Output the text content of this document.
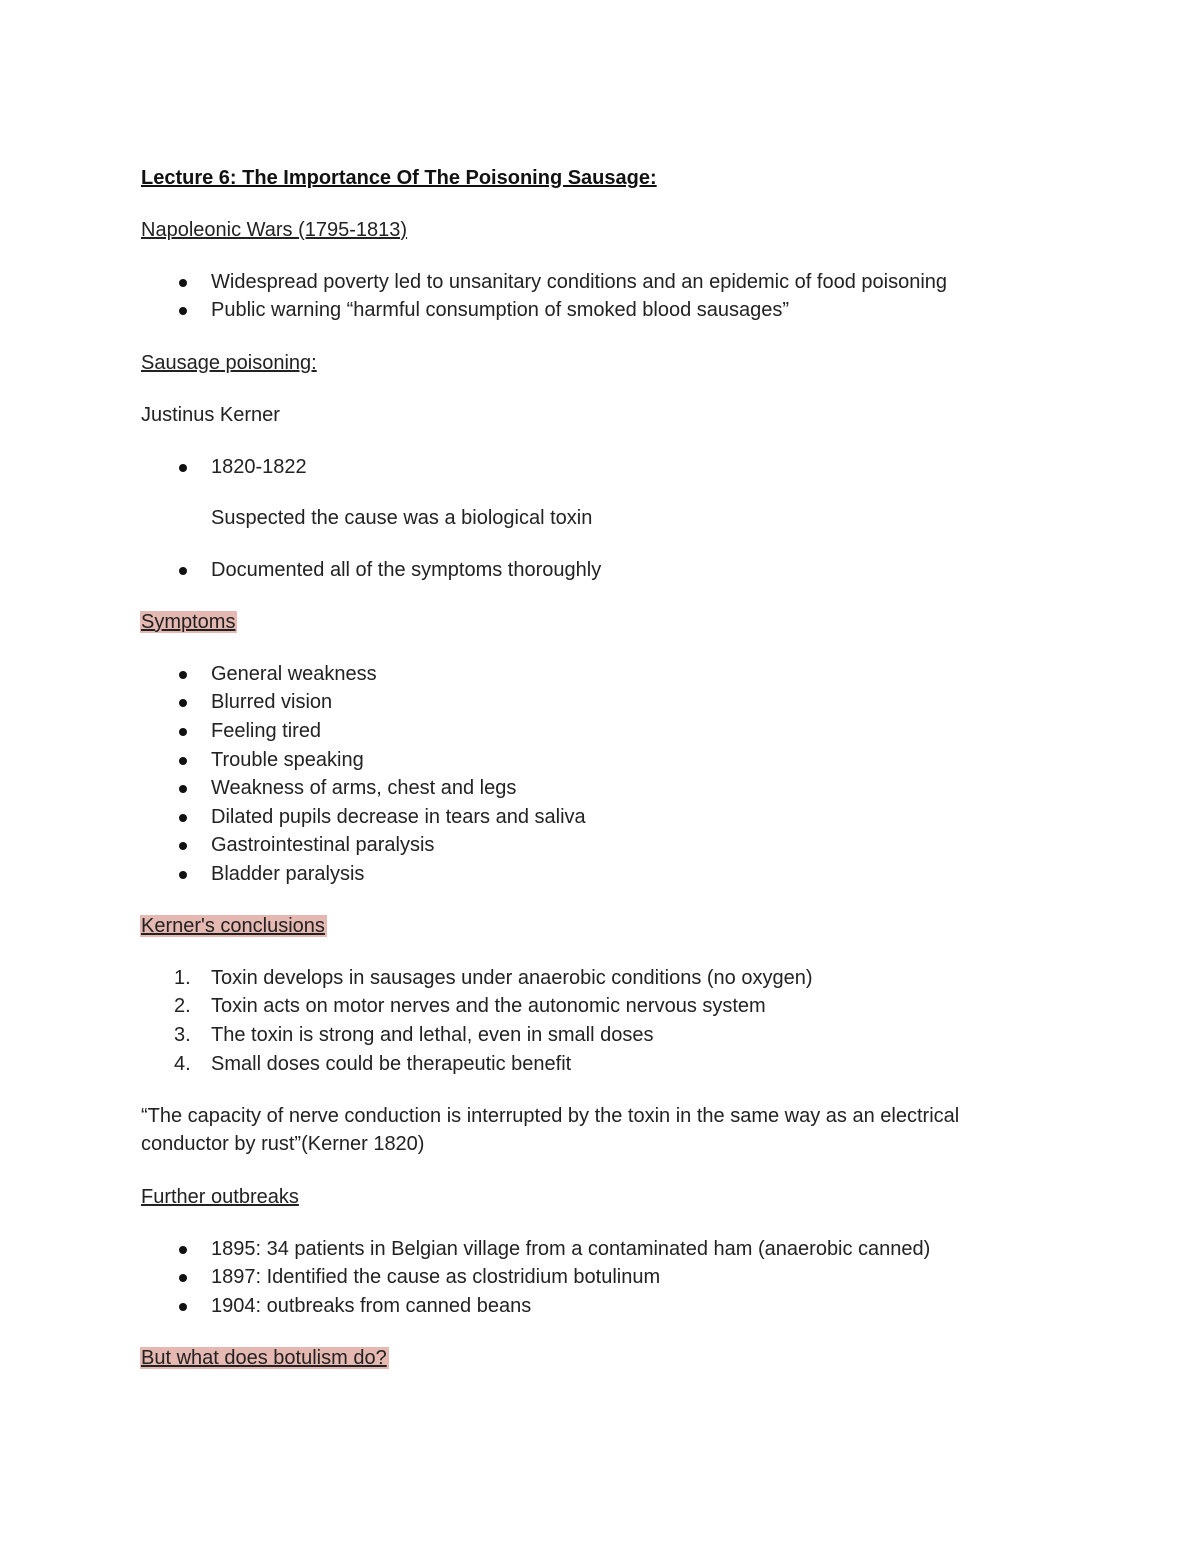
Lecture 6: The Importance Of The Poisoning Sausage:
Napoleonic Wars (1795-1813)
Widespread poverty led to unsanitary conditions and an epidemic of food poisoning
Public warning “harmful consumption of smoked blood sausages”
Sausage poisoning:
Justinus Kerner
1820-1822
Suspected the cause was a biological toxin
Documented all of the symptoms thoroughly
Symptoms
General weakness
Blurred vision
Feeling tired
Trouble speaking
Weakness of arms, chest and legs
Dilated pupils decrease in tears and saliva
Gastrointestinal paralysis
Bladder paralysis
Kerner's conclusions
1.	Toxin develops in sausages under anaerobic conditions (no oxygen)
2.	Toxin acts on motor nerves and the autonomic nervous system
3.	The toxin is strong and lethal, even in small doses
4.	Small doses could be therapeutic benefit
“The capacity of nerve conduction is interrupted by the toxin in the same way as an electrical conductor by rust”(Kerner 1820)
Further outbreaks
1895: 34 patients in Belgian village from a contaminated ham (anaerobic canned)
1897: Identified the cause as clostridium botulinum
1904: outbreaks from canned beans
But what does botulism do?
